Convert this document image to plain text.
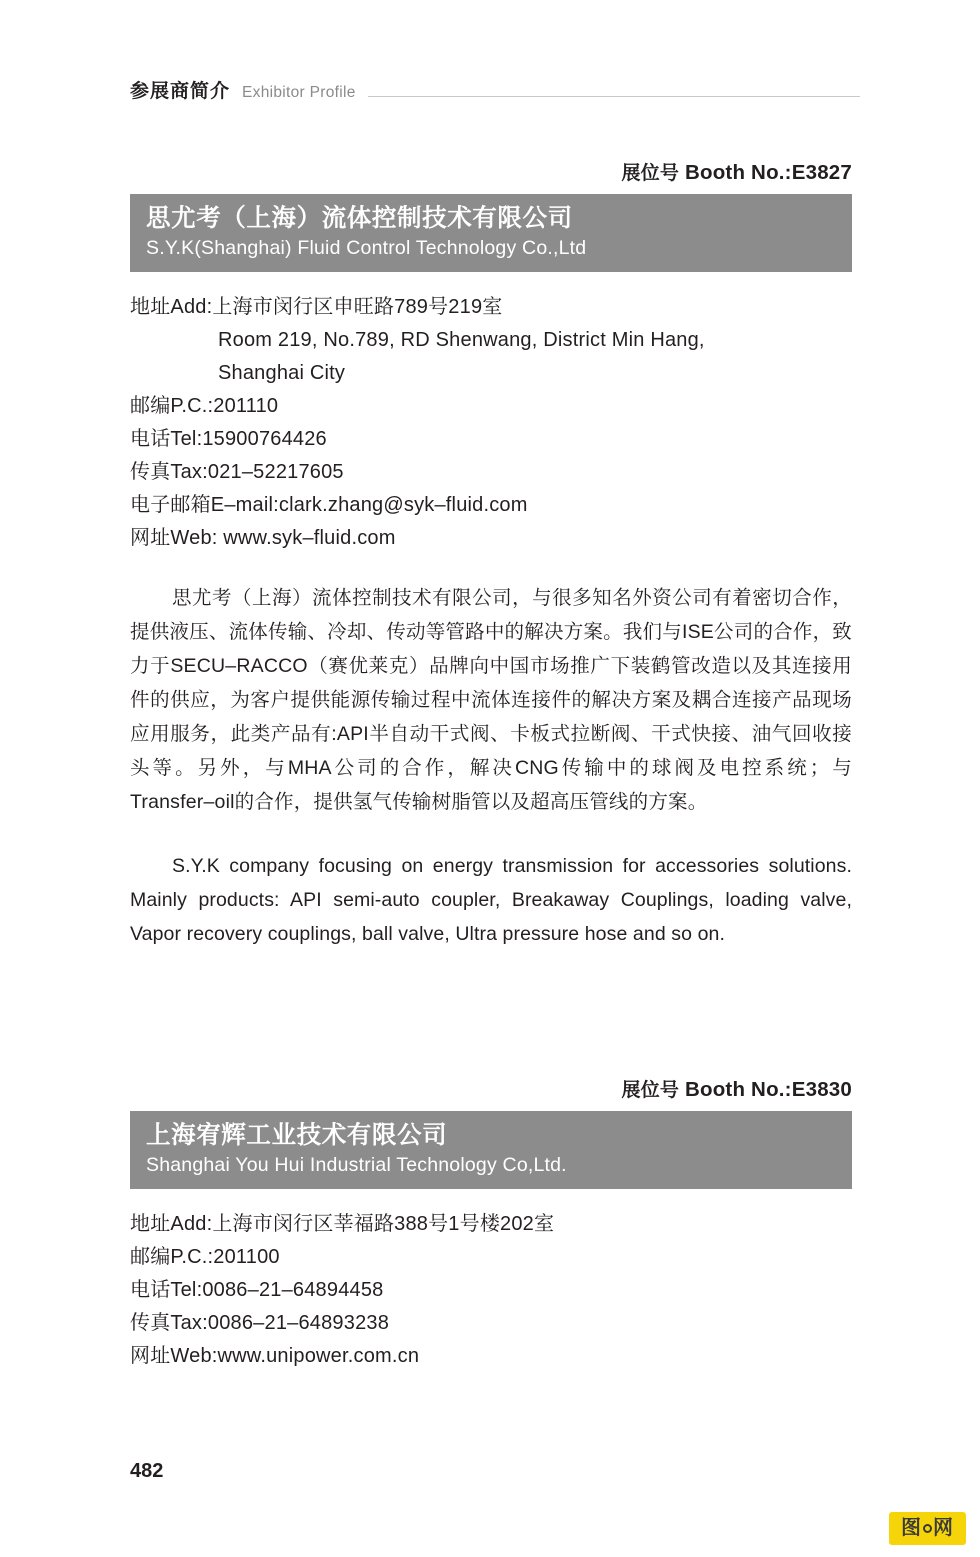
参展商简介 Exhibitor Profile
展位号 Booth No.:E3827
思尤考（上海）流体控制技术有限公司
S.Y.K(Shanghai) Fluid Control Technology Co.,Ltd
地址Add:上海市闵行区申旺路789号219室
Room 219, No.789, RD Shenwang, District Min Hang,
Shanghai City
邮编P.C.:201110
电话Tel:15900764426
传真Tax:021–52217605
电子邮箱E–mail:clark.zhang@syk–fluid.com
网址Web: www.syk–fluid.com
思尤考（上海）流体控制技术有限公司，与很多知名外资公司有着密切合作，提供液压、流体传输、冷却、传动等管路中的解决方案。我们与ISE公司的合作，致力于SECU–RACCO（赛优莱克）品牌向中国市场推广下装鹤管改造以及其连接用件的供应，为客户提供能源传输过程中流体连接件的解决方案及耦合连接产品现场应用服务，此类产品有:API半自动干式阀、卡板式拉断阀、干式快接、油气回收接头等。另外，与MHA公司的合作，解决CNG传输中的球阀及电控系统；与Transfer–oil的合作，提供氢气传输树脂管以及超高压管线的方案。
S.Y.K company focusing on energy transmission for accessories solutions. Mainly products: API semi-auto coupler, Breakaway Couplings, loading valve, Vapor recovery couplings, ball valve, Ultra pressure hose and so on.
展位号 Booth No.:E3830
上海宥辉工业技术有限公司
Shanghai You Hui Industrial Technology Co,Ltd.
地址Add:上海市闵行区莘福路388号1号楼202室
邮编P.C.:201100
电话Tel:0086–21–64894458
传真Tax:0086–21–64893238
网址Web:www.unipower.com.cn
482
图 网
